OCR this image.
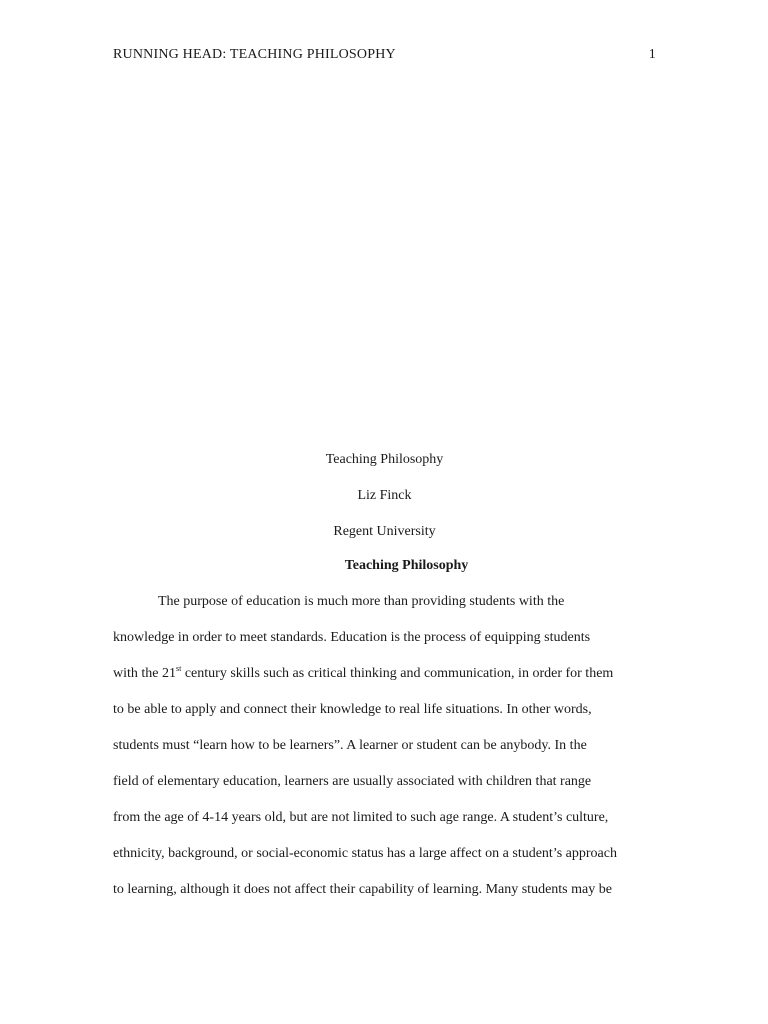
RUNNING HEAD: TEACHING PHILOSOPHY	1
Teaching Philosophy
Liz Finck
Regent University
Teaching Philosophy
The purpose of education is much more than providing students with the
knowledge in order to meet standards. Education is the process of equipping students
with the 21st century skills such as critical thinking and communication, in order for them
to be able to apply and connect their knowledge to real life situations. In other words,
students must “learn how to be learners”. A learner or student can be anybody. In the
field of elementary education, learners are usually associated with children that range
from the age of 4-14 years old, but are not limited to such age range. A student’s culture,
ethnicity, background, or social-economic status has a large affect on a student’s approach
to learning, although it does not affect their capability of learning. Many students may be
